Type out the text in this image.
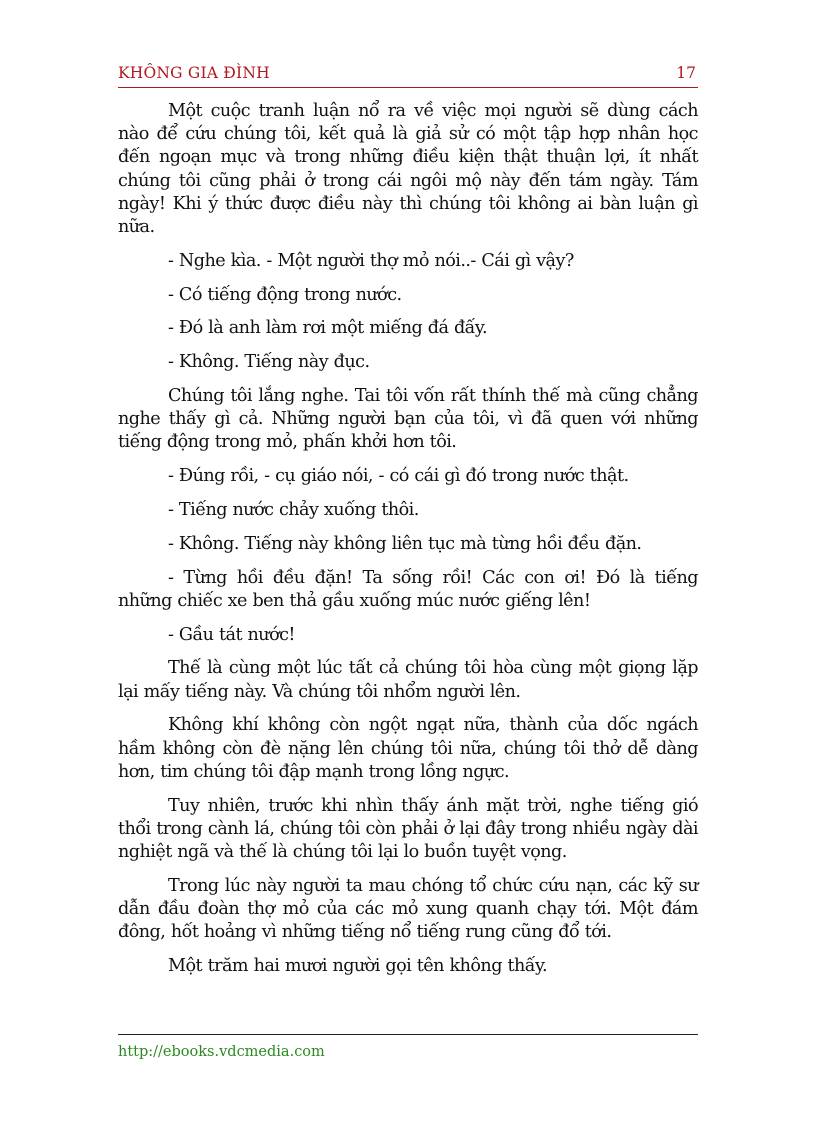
KHÔNG GIA ĐÌNH	17

Một cuộc tranh luận nổ ra về việc mọi người sẽ dùng cách nào để cứu chúng tôi, kết quả là giả sử có một tập hợp nhân học đến ngoạn mục và trong những điều kiện thật thuận lợi, ít nhất chúng tôi cũng phải ở trong cái ngôi mộ này đến tám ngày. Tám ngày! Khi ý thức được điều này thì chúng tôi không ai bàn luận gì nữa.

- Nghe kìa. - Một người thợ mỏ nói..- Cái gì vậy?

- Có tiếng động trong nước.

- Đó là anh làm rơi một miếng đá đấy.

- Không. Tiếng này đục.

Chúng tôi lắng nghe. Tai tôi vốn rất thính thế mà cũng chẳng nghe thấy gì cả. Những người bạn của tôi, vì đã quen với những tiếng động trong mỏ, phấn khởi hơn tôi.

- Đúng rồi, - cụ giáo nói, - có cái gì đó trong nước thật.

- Tiếng nước chảy xuống thôi.

- Không. Tiếng này không liên tục mà từng hồi đều đặn.

- Từng hồi đều đặn! Ta sống rồi! Các con ơi! Đó là tiếng những chiếc xe ben thả gầu xuống múc nước giếng lên!

- Gầu tát nước!

Thế là cùng một lúc tất cả chúng tôi hòa cùng một giọng lặp lại mấy tiếng này. Và chúng tôi nhổm người lên.

Không khí không còn ngột ngạt nữa, thành của dốc ngách hầm không còn đè nặng lên chúng tôi nữa, chúng tôi thở dễ dàng hơn, tim chúng tôi đập mạnh trong lồng ngực.

Tuy nhiên, trước khi nhìn thấy ánh mặt trời, nghe tiếng gió thổi trong cành lá, chúng tôi còn phải ở lại đây trong nhiều ngày dài nghiệt ngã và thế là chúng tôi lại lo buồn tuyệt vọng.

Trong lúc này người ta mau chóng tổ chức cứu nạn, các kỹ sư dẫn đầu đoàn thợ mỏ của các mỏ xung quanh chạy tới. Một đám đông, hốt hoảng vì những tiếng nổ tiếng rung cũng đổ tới.

Một trăm hai mươi người gọi tên không thấy.

http://ebooks.vdcmedia.com
